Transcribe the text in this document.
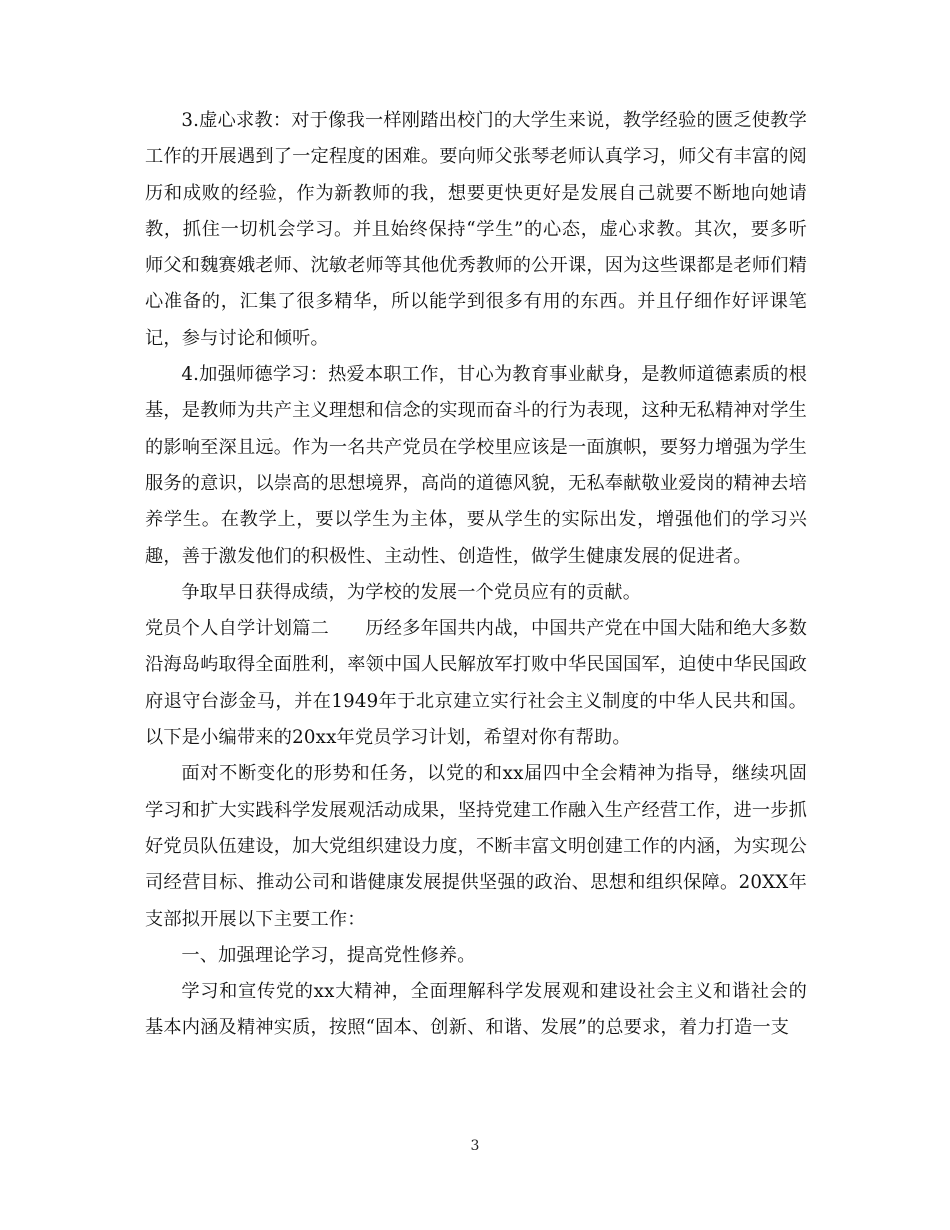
3.虚心求教：对于像我一样刚踏出校门的大学生来说，教学经验的匮乏使教学工作的开展遇到了一定程度的困难。要向师父张琴老师认真学习，师父有丰富的阅历和成败的经验，作为新教师的我，想要更快更好是发展自己就要不断地向她请教，抓住一切机会学习。并且始终保持“学生”的心态，虚心求教。其次，要多听师父和魏赛娥老师、沈敏老师等其他优秀教师的公开课，因为这些课都是老师们精心准备的，汇集了很多精华，所以能学到很多有用的东西。并且仔细作好评课笔记，参与讨论和倾听。

4.加强师德学习：热爱本职工作，甘心为教育事业献身，是教师道德素质的根基，是教师为共产主义理想和信念的实现而奋斗的行为表现，这种无私精神对学生的影响至深且远。作为一名共产党员在学校里应该是一面旗帜，要努力增强为学生服务的意识，以崇高的思想境界，高尚的道德风貌，无私奉献敬业爱岗的精神去培养学生。在教学上，要以学生为主体，要从学生的实际出发，增强他们的学习兴趣，善于激发他们的积极性、主动性、创造性，做学生健康发展的促进者。

争取早日获得成绩，为学校的发展一个党员应有的贡献。

党员个人自学计划篇二 历经多年国共内战，中国共产党在中国大陆和绝大多数沿海岛屿取得全面胜利，率领中国人民解放军打败中华民国国军，迫使中华民国政府退守台澎金马，并在1949年于北京建立实行社会主义制度的中华人民共和国。以下是小编带来的20xx年党员学习计划，希望对你有帮助。

面对不断变化的形势和任务，以党的和xx届四中全会精神为指导，继续巩固学习和扩大实践科学发展观活动成果，坚持党建工作融入生产经营工作，进一步抓好党员队伍建设，加大党组织建设力度，不断丰富文明创建工作的内涵，为实现公司经营目标、推动公司和谐健康发展提供坚强的政治、思想和组织保障。20XX年支部拟开展以下主要工作：

一、加强理论学习，提高党性修养。

学习和宣传党的xx大精神，全面理解科学发展观和建设社会主义和谐社会的基本内涵及精神实质，按照“固本、创新、和谐、发展”的总要求，着力打造一支

3
